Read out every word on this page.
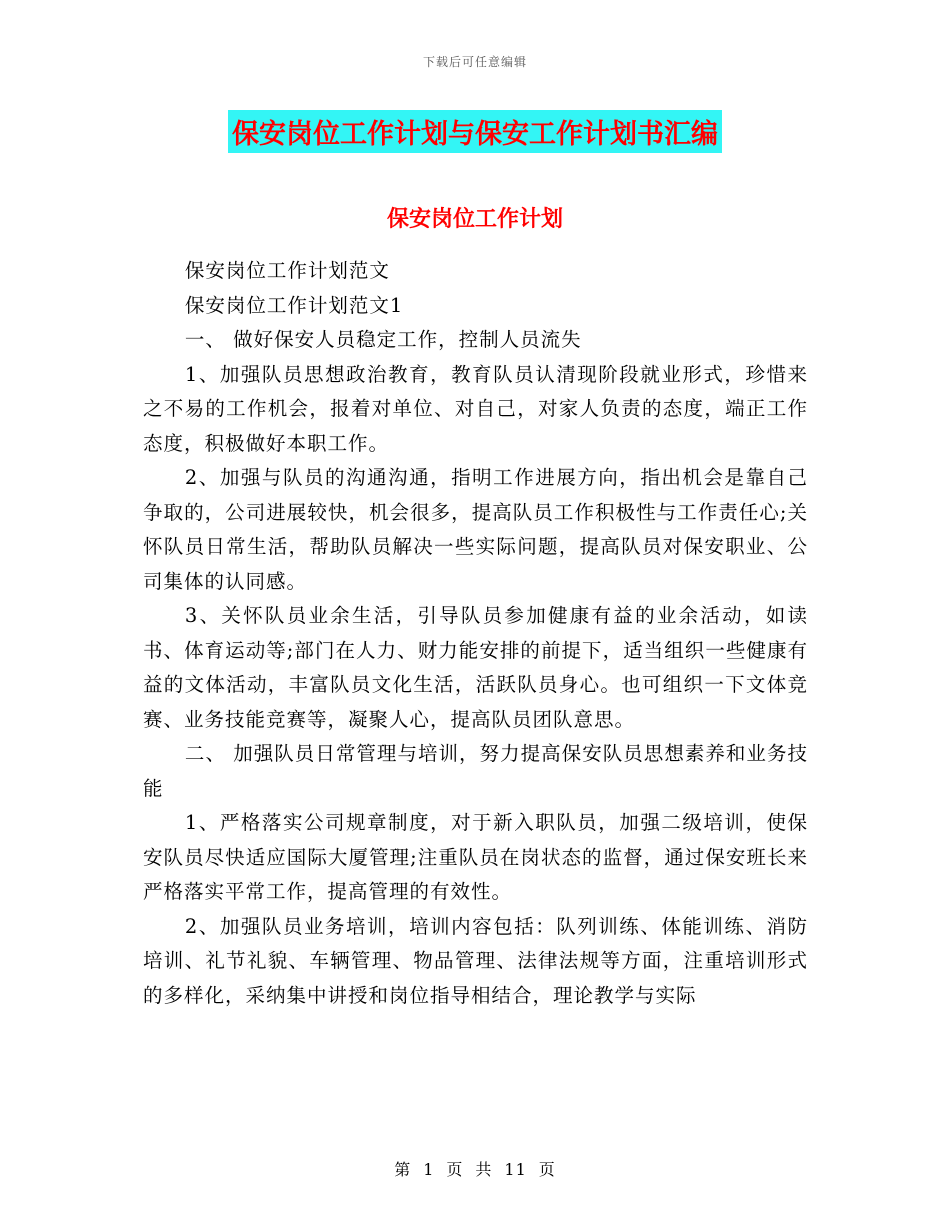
下载后可任意编辑
保安岗位工作计划与保安工作计划书汇编
保安岗位工作计划

保安岗位工作计划范文

保安岗位工作计划范文1

一、 做好保安人员稳定工作，控制人员流失

1、加强队员思想政治教育，教育队员认清现阶段就业形式，珍惜来之不易的工作机会，报着对单位、对自己，对家人负责的态度，端正工作态度，积极做好本职工作。

2、加强与队员的沟通沟通，指明工作进展方向，指出机会是靠自己争取的，公司进展较快，机会很多，提高队员工作积极性与工作责任心;关怀队员日常生活，帮助队员解决一些实际问题，提高队员对保安职业、公司集体的认同感。

3、关怀队员业余生活，引导队员参加健康有益的业余活动，如读书、体育运动等;部门在人力、财力能安排的前提下，适当组织一些健康有益的文体活动，丰富队员文化生活，活跃队员身心。也可组织一下文体竞赛、业务技能竞赛等，凝聚人心，提高队员团队意思。

二、 加强队员日常管理与培训，努力提高保安队员思想素养和业务技能

1、严格落实公司规章制度，对于新入职队员，加强二级培训，使保安队员尽快适应国际大厦管理;注重队员在岗状态的监督，通过保安班长来严格落实平常工作，提高管理的有效性。

2、加强队员业务培训，培训内容包括：队列训练、体能训练、消防培训、礼节礼貌、车辆管理、物品管理、法律法规等方面，注重培训形式的多样化，采纳集中讲授和岗位指导相结合，理论教学与实际

第 1 页 共 11 页
